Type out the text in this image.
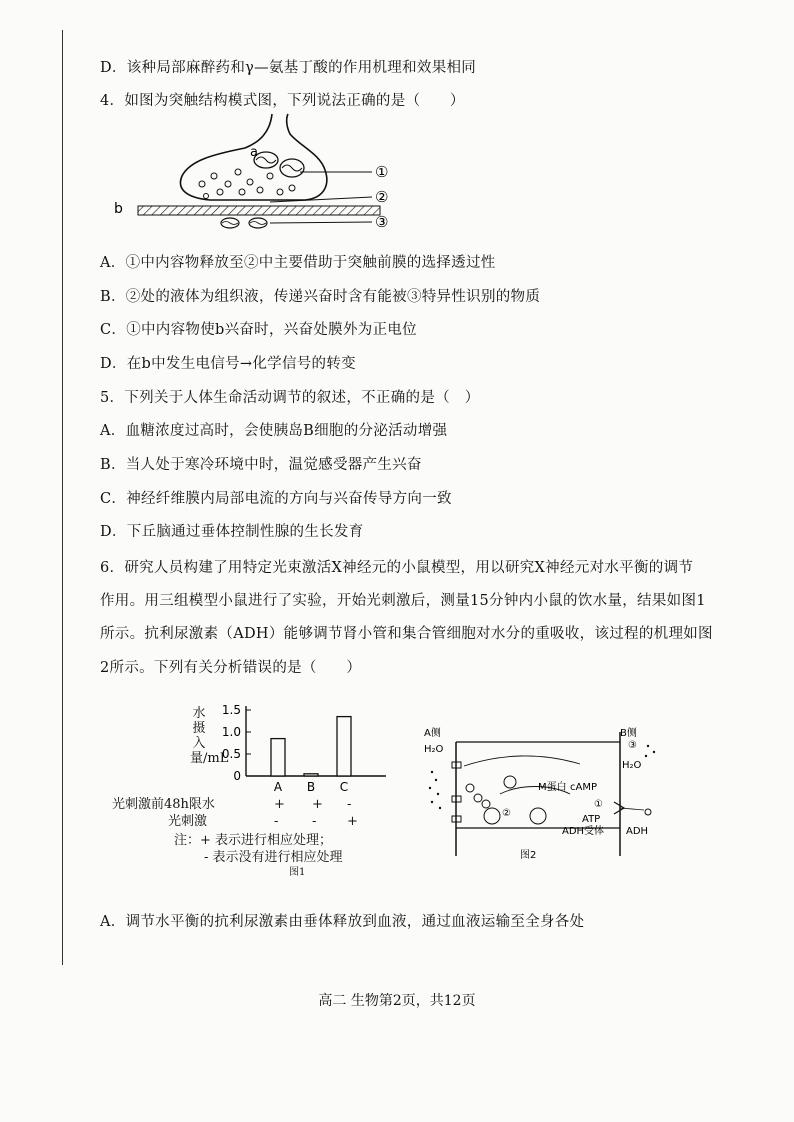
D．该种局部麻醉药和γ—氨基丁酸的作用机理和效果相同
4．如图为突触结构模式图，下列说法正确的是（　　）
a
b
①
②
③
A．①中内容物释放至②中主要借助于突触前膜的选择透过性
B．②处的液体为组织液，传递兴奋时含有能被③特异性识别的物质
C．①中内容物使b兴奋时，兴奋处膜外为正电位
D．在b中发生电信号→化学信号的转变
5．下列关于人体生命活动调节的叙述，不正确的是（　）
A．血糖浓度过高时，会使胰岛B细胞的分泌活动增强
B．当人处于寒冷环境中时，温觉感受器产生兴奋
C．神经纤维膜内局部电流的方向与兴奋传导方向一致
D．下丘脑通过垂体控制性腺的生长发育
6．研究人员构建了用特定光束激活X神经元的小鼠模型，用以研究X神经元对水平衡的调节
作用。用三组模型小鼠进行了实验，开始光刺激后，测量15分钟内小鼠的饮水量，结果如图1
所示。抗利尿激素（ADH）能够调节肾小管和集合管细胞对水分的重吸收，该过程的机理如图
2所示。下列有关分析错误的是（　　）
水摄入量/mL
1.5
1.0
0.5
0
A B C
光刺激前48h限水	+ + -
光刺激	-	- +
注：+ 表示进行相应处理；
- 表示没有进行相应处理
图1
A侧	B侧
H₂O
H₂O
M蛋白 cAMP
①
②
③
ATP
ADH受体 ADH
图2
A．调节水平衡的抗利尿激素由垂体释放到血液，通过血液运输至全身各处
高二 生物第2页，共12页
